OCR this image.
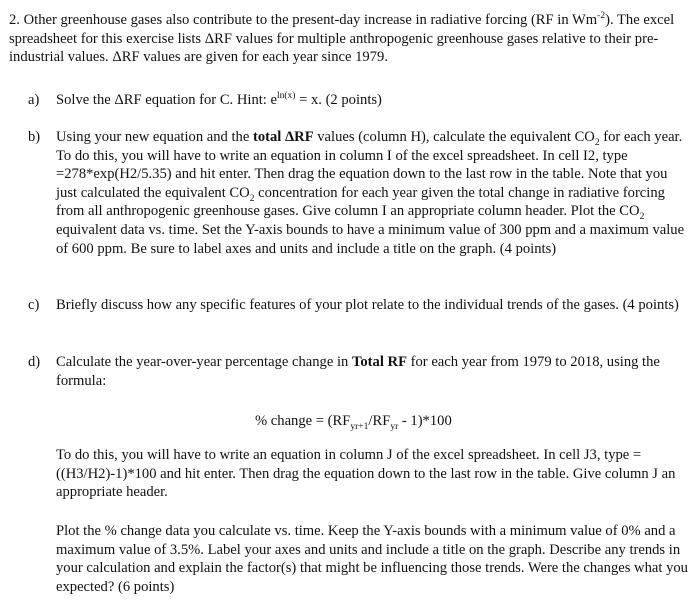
2. Other greenhouse gases also contribute to the present-day increase in radiative forcing (RF in $Wm^{-2}$). The excel spreadsheet for this exercise lists ΔRF values for multiple anthropogenic greenhouse gases relative to their pre-industrial values. ΔRF values are given for each year since 1979.
a) Solve the ΔRF equation for C. Hint: $e^{ln(x)} = x$. (2 points)
b) Using your new equation and the total ΔRF values (column H), calculate the equivalent $CO_2$ for each year. To do this, you will have to write an equation in column I of the excel spreadsheet. In cell I2, type =278*exp(H2/5.35) and hit enter. Then drag the equation down to the last row in the table. Note that you just calculated the equivalent $CO_2$ concentration for each year given the total change in radiative forcing from all anthropogenic greenhouse gases. Give column I an appropriate column header. Plot the $CO_2$ equivalent data vs. time. Set the Y-axis bounds to have a minimum value of 300 ppm and a maximum value of 600 ppm. Be sure to label axes and units and include a title on the graph. (4 points)
c) Briefly discuss how any specific features of your plot relate to the individual trends of the gases. (4 points)
d) Calculate the year-over-year percentage change in Total RF for each year from 1979 to 2018, using the formula:
% change = $(RF_{yr+1}/RF_{yr} - 1)*100$
To do this, you will have to write an equation in column J of the excel spreadsheet. In cell J3, type =((H3/H2)-1)*100 and hit enter. Then drag the equation down to the last row in the table. Give column J an appropriate header.
Plot the % change data you calculate vs. time. Keep the Y-axis bounds with a minimum value of 0% and a maximum value of 3.5%. Label your axes and units and include a title on the graph. Describe any trends in your calculation and explain the factor(s) that might be influencing those trends. Were the changes what you expected? (6 points)
